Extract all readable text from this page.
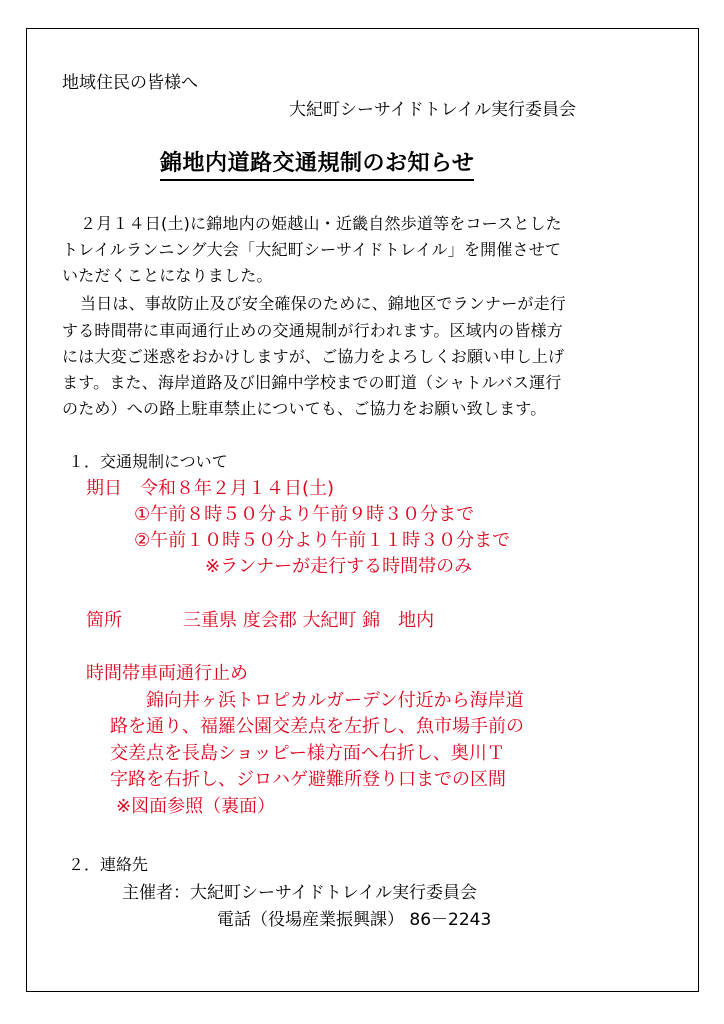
地域住民の皆様へ
大紀町シーサイドトレイル実行委員会
錦地内道路交通規制のお知らせ
２月１４日(土)に錦地内の姫越山・近畿自然歩道等をコースとした
トレイルランニング大会「大紀町シーサイドトレイル」を開催させて
いただくことになりました。
当日は、事故防止及び安全確保のために、錦地区でランナーが走行
する時間帯に車両通行止めの交通規制が行われます。区域内の皆様方
には大変ご迷惑をおかけしますが、ご協力をよろしくお願い申し上げ
ます。また、海岸道路及び旧錦中学校までの町道（シャトルバス運行
のため）への路上駐車禁止についても、ご協力をお願い致します。
１．交通規制について
期日　令和８年２月１４日(土)
①午前８時５０分より午前９時３０分まで
②午前１０時５０分より午前１１時３０分まで
※ランナーが走行する時間帯のみ
箇所	三重県 度会郡 大紀町 錦　地内
時間帯車両通行止め
錦向井ヶ浜トロピカルガーデン付近から海岸道
路を通り、福羅公園交差点を左折し、魚市場手前の
交差点を長島ショッピー様方面へ右折し、奥川Ｔ
字路を右折し、ジロハゲ避難所登り口までの区間
※図面参照（裏面）
２．連絡先
主催者：大紀町シーサイドトレイル実行委員会
電話（役場産業振興課） 86－2243
